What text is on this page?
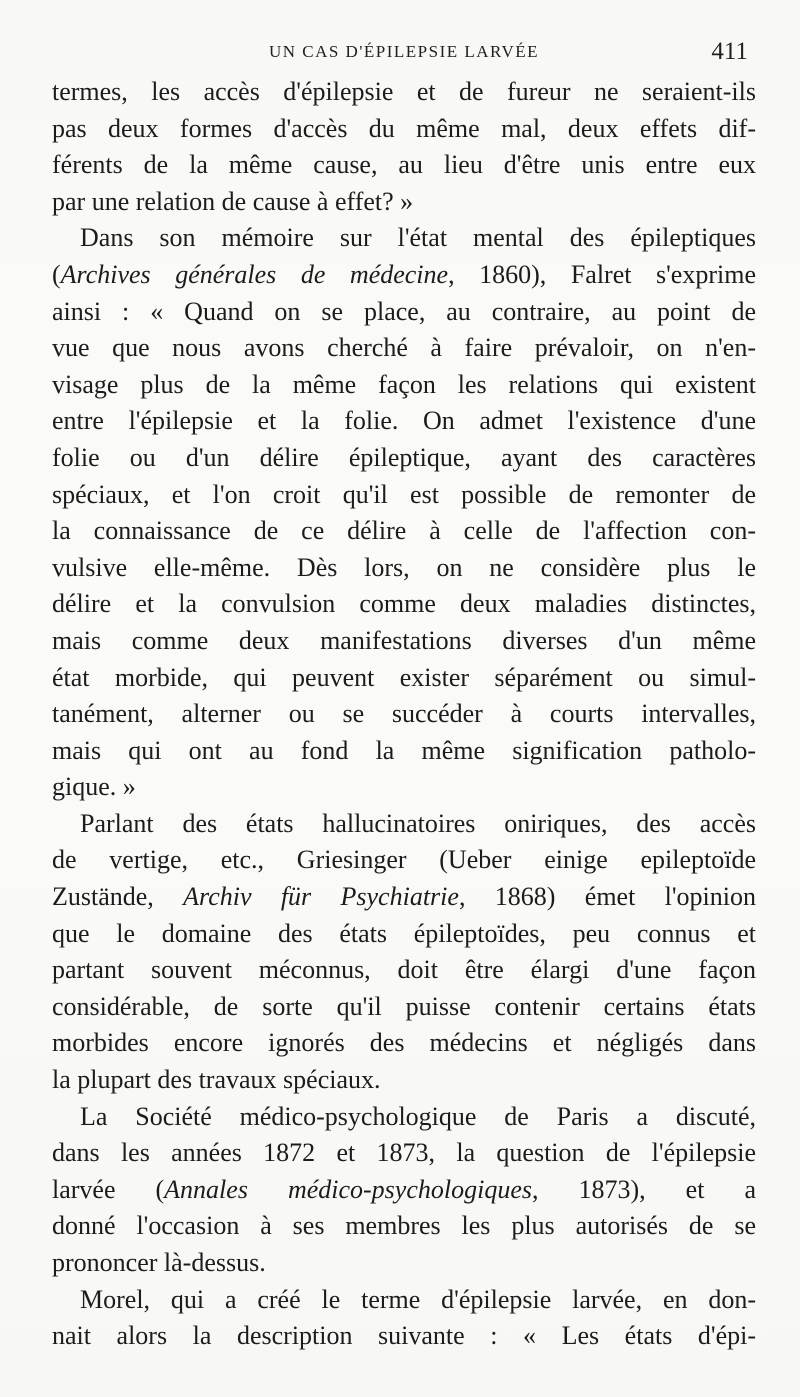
UN CAS D'ÉPILEPSIE LARVÉE	411
termes, les accès d'épilepsie et de fureur ne seraient-ils
pas deux formes d'accès du même mal, deux effets dif-
férents de la même cause, au lieu d'être unis entre eux
par une relation de cause à effet? »
Dans son mémoire sur l'état mental des épileptiques
(Archives générales de médecine, 1860), Falret s'exprime
ainsi : « Quand on se place, au contraire, au point de
vue que nous avons cherché à faire prévaloir, on n'en-
visage plus de la même façon les relations qui existent
entre l'épilepsie et la folie. On admet l'existence d'une
folie ou d'un délire épileptique, ayant des caractères
spéciaux, et l'on croit qu'il est possible de remonter de
la connaissance de ce délire à celle de l'affection con-
vulsive elle-même. Dès lors, on ne considère plus le
délire et la convulsion comme deux maladies distinctes,
mais comme deux manifestations diverses d'un même
état morbide, qui peuvent exister séparément ou simul-
tanément, alterner ou se succéder à courts intervalles,
mais qui ont au fond la même signification patholo-
gique. »
Parlant des états hallucinatoires oniriques, des accès
de vertige, etc., Griesinger (Ueber einige epileptoïde
Zustände, Archiv für Psychiatrie, 1868) émet l'opinion
que le domaine des états épileptoïdes, peu connus et
partant souvent méconnus, doit être élargi d'une façon
considérable, de sorte qu'il puisse contenir certains états
morbides encore ignorés des médecins et négligés dans
la plupart des travaux spéciaux.
La Société médico-psychologique de Paris a discuté,
dans les années 1872 et 1873, la question de l'épilepsie
larvée (Annales médico-psychologiques, 1873), et a
donné l'occasion à ses membres les plus autorisés de se
prononcer là-dessus.
Morel, qui a créé le terme d'épilepsie larvée, en don-
nait alors la description suivante : « Les états d'épi-
